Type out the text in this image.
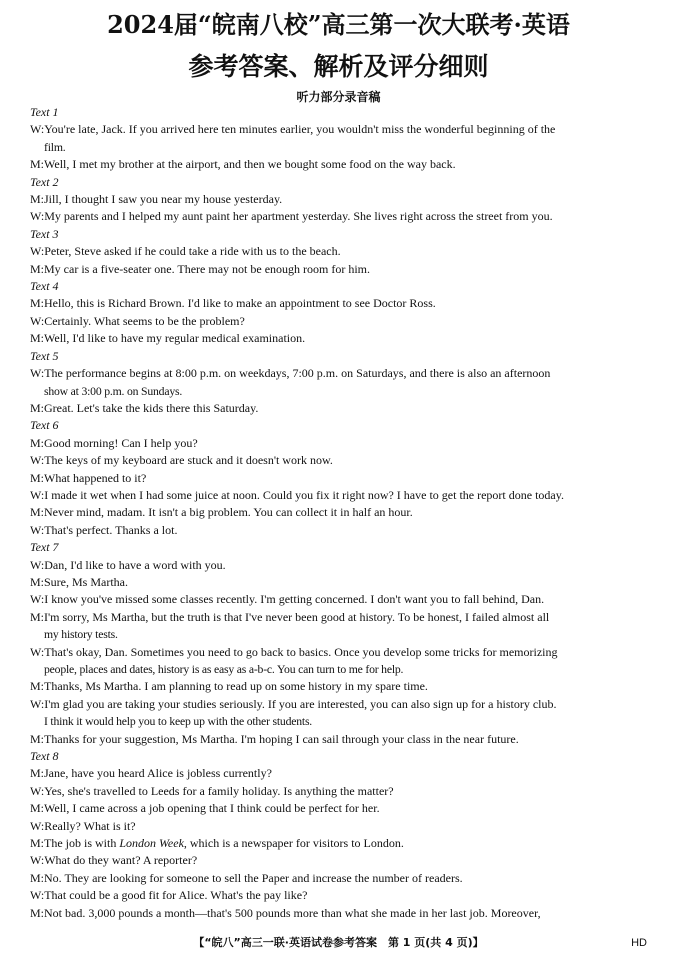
2024届“皖南八校”高三第一次大联考·英语
参考答案、解析及评分细则
听力部分录音稿
Text 1
W:You're late, Jack. If you arrived here ten minutes earlier, you wouldn't miss the wonderful beginning of the
film.
M:Well, I met my brother at the airport, and then we bought some food on the way back.
Text 2
M:Jill, I thought I saw you near my house yesterday.
W:My parents and I helped my aunt paint her apartment yesterday. She lives right across the street from you.
Text 3
W:Peter, Steve asked if he could take a ride with us to the beach.
M:My car is a five-seater one. There may not be enough room for him.
Text 4
M:Hello, this is Richard Brown. I'd like to make an appointment to see Doctor Ross.
W:Certainly. What seems to be the problem?
M:Well, I'd like to have my regular medical examination.
Text 5
W:The performance begins at 8:00 p.m. on weekdays, 7:00 p.m. on Saturdays, and there is also an afternoon
show at 3:00 p.m. on Sundays.
M:Great. Let's take the kids there this Saturday.
Text 6
M:Good morning! Can I help you?
W:The keys of my keyboard are stuck and it doesn't work now.
M:What happened to it?
W:I made it wet when I had some juice at noon. Could you fix it right now? I have to get the report done today.
M:Never mind, madam. It isn't a big problem. You can collect it in half an hour.
W:That's perfect. Thanks a lot.
Text 7
W:Dan, I'd like to have a word with you.
M:Sure, Ms Martha.
W:I know you've missed some classes recently. I'm getting concerned. I don't want you to fall behind, Dan.
M:I'm sorry, Ms Martha, but the truth is that I've never been good at history. To be honest, I failed almost all
my history tests.
W:That's okay, Dan. Sometimes you need to go back to basics. Once you develop some tricks for memorizing
people, places and dates, history is as easy as a-b-c. You can turn to me for help.
M:Thanks, Ms Martha. I am planning to read up on some history in my spare time.
W:I'm glad you are taking your studies seriously. If you are interested, you can also sign up for a history club.
I think it would help you to keep up with the other students.
M:Thanks for your suggestion, Ms Martha. I'm hoping I can sail through your class in the near future.
Text 8
M:Jane, have you heard Alice is jobless currently?
W:Yes, she's travelled to Leeds for a family holiday. Is anything the matter?
M:Well, I came across a job opening that I think could be perfect for her.
W:Really? What is it?
M:The job is with London Week, which is a newspaper for visitors to London.
W:What do they want? A reporter?
M:No. They are looking for someone to sell the Paper and increase the number of readers.
W:That could be a good fit for Alice. What's the pay like?
M:Not bad. 3,000 pounds a month—that's 500 pounds more than what she made in her last job. Moreover,
【“皖八”高三一联·英语试卷参考答案　第 1 页(共 4 页)】	HD
